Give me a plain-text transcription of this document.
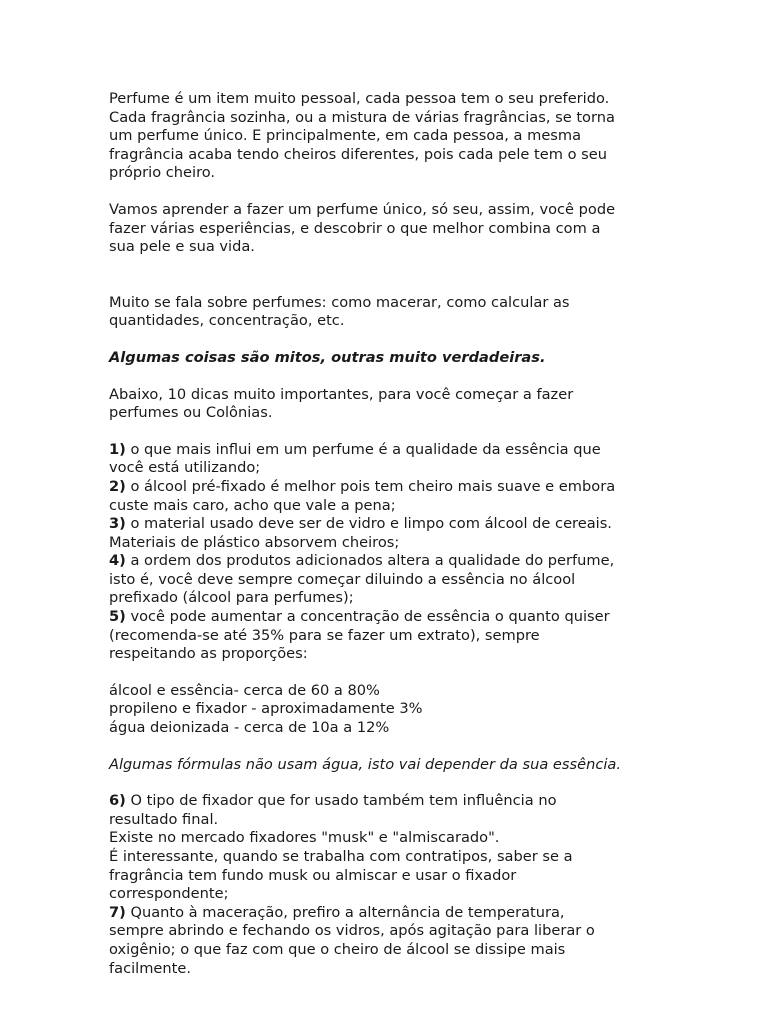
Perfume é um item muito pessoal, cada pessoa tem o seu preferido.
Cada fragrância sozinha, ou a mistura de várias fragrâncias, se torna
um perfume único. E principalmente, em cada pessoa, a mesma
fragrância acaba tendo cheiros diferentes, pois cada pele tem o seu
próprio cheiro.
Vamos aprender a fazer um perfume único, só seu, assim, você pode
fazer várias esperiências, e descobrir o que melhor combina com a
sua pele e sua vida.
Muito se fala sobre perfumes: como macerar, como calcular as
quantidades, concentração, etc.
Algumas coisas são mitos, outras muito verdadeiras.
Abaixo, 10 dicas muito importantes, para você começar a fazer
perfumes ou Colônias.
1) o que mais influi em um perfume é a qualidade da essência que
você está utilizando;
2) o álcool pré-fixado é melhor pois tem cheiro mais suave e embora
custe mais caro, acho que vale a pena;
3) o material usado deve ser de vidro e limpo com álcool de cereais.
Materiais de plástico absorvem cheiros;
4) a ordem dos produtos adicionados altera a qualidade do perfume,
isto é, você deve sempre começar diluindo a essência no álcool
prefixado (álcool para perfumes);
5) você pode aumentar a concentração de essência o quanto quiser
(recomenda-se até 35% para se fazer um extrato), sempre
respeitando as proporções:
álcool e essência- cerca de 60 a 80%
propileno e fixador - aproximadamente 3%
água deionizada - cerca de 10a a 12%
Algumas fórmulas não usam água, isto vai depender da sua essência.
6) O tipo de fixador que for usado também tem influência no
resultado final.
Existe no mercado fixadores "musk" e "almiscarado".
É interessante, quando se trabalha com contratipos, saber se a
fragrância tem fundo musk ou almiscar e usar o fixador
correspondente;
7) Quanto à maceração, prefiro a alternância de temperatura,
sempre abrindo e fechando os vidros, após agitação para liberar o
oxigênio; o que faz com que o cheiro de álcool se dissipe mais
facilmente.
